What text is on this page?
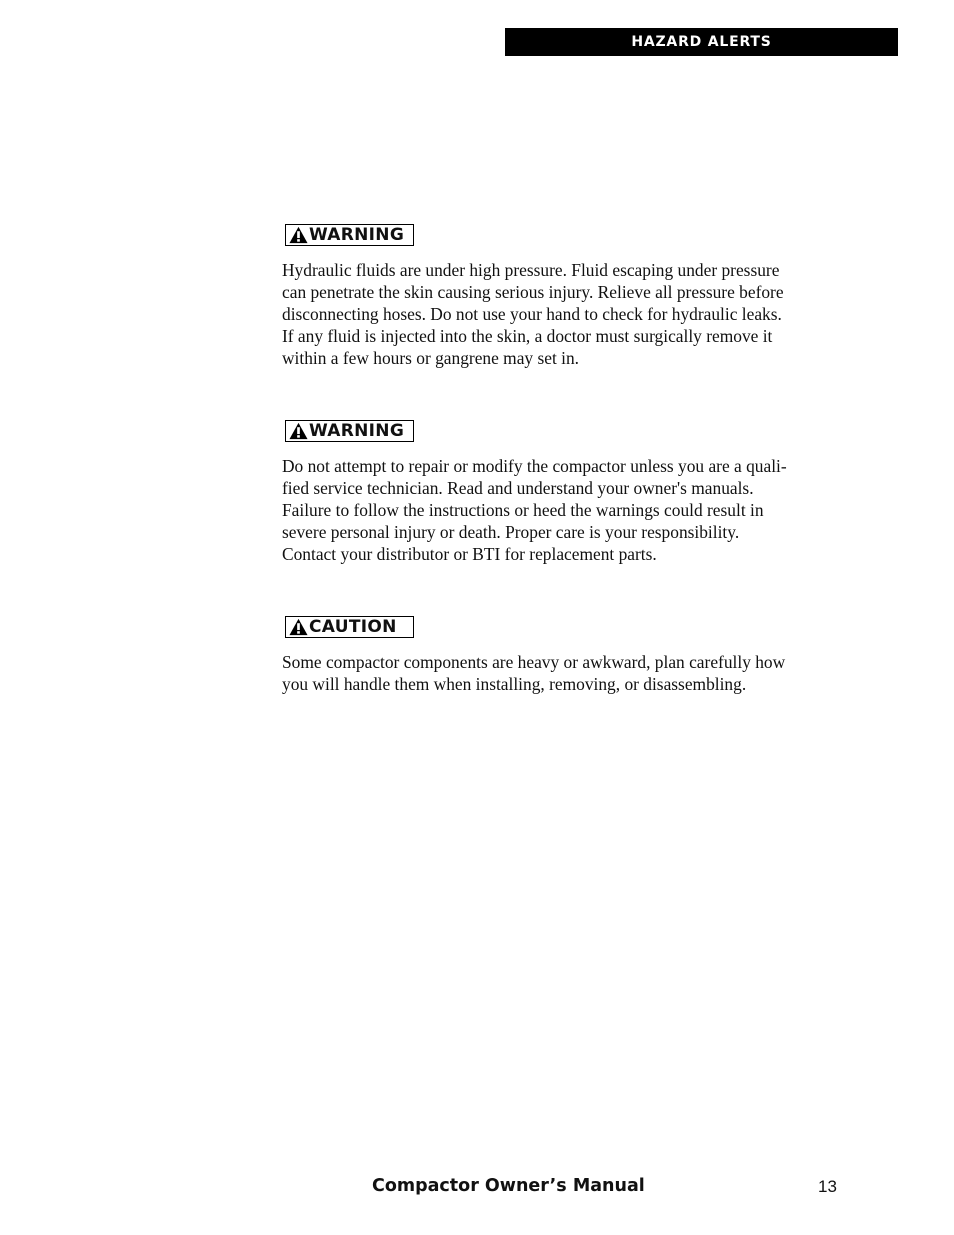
HAZARD ALERTS
WARNING

Hydraulic fluids are under high pressure. Fluid escaping under pressure
can penetrate the skin causing serious injury. Relieve all pressure before
disconnecting hoses. Do not use your hand to check for hydraulic leaks.
If any fluid is injected into the skin, a doctor must surgically remove it
within a few hours or gangrene may set in.

WARNING

Do not attempt to repair or modify the compactor unless you are a quali-
fied service technician. Read and understand your owner's manuals.
Failure to follow the instructions or heed the warnings could result in
severe personal injury or death. Proper care is your responsibility.
Contact your distributor or BTI for replacement parts.

CAUTION

Some compactor components are heavy or awkward, plan carefully how
you will handle them when installing, removing, or disassembling.

Compactor Owner’s Manual	13
